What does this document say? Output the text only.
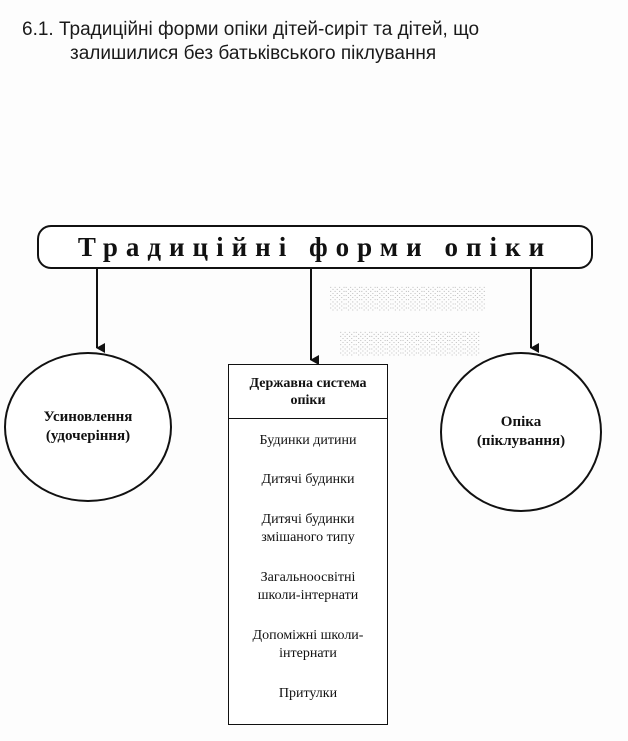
6.1. Традиційні форми опіки дітей-сиріт та дітей, що
залишилися без батьківського піклування
░░░░░░░░░░
░░░░░░░░░
Традиційні форми опіки
Усиновлення (удочеріння)
Опіка (піклування)
Державна система опіки
Будинки дитини
Дитячі будинки
Дитячі будинки змішаного типу
Загальноосвітні школи-інтернати
Допоміжні школи-інтернати
Притулки
